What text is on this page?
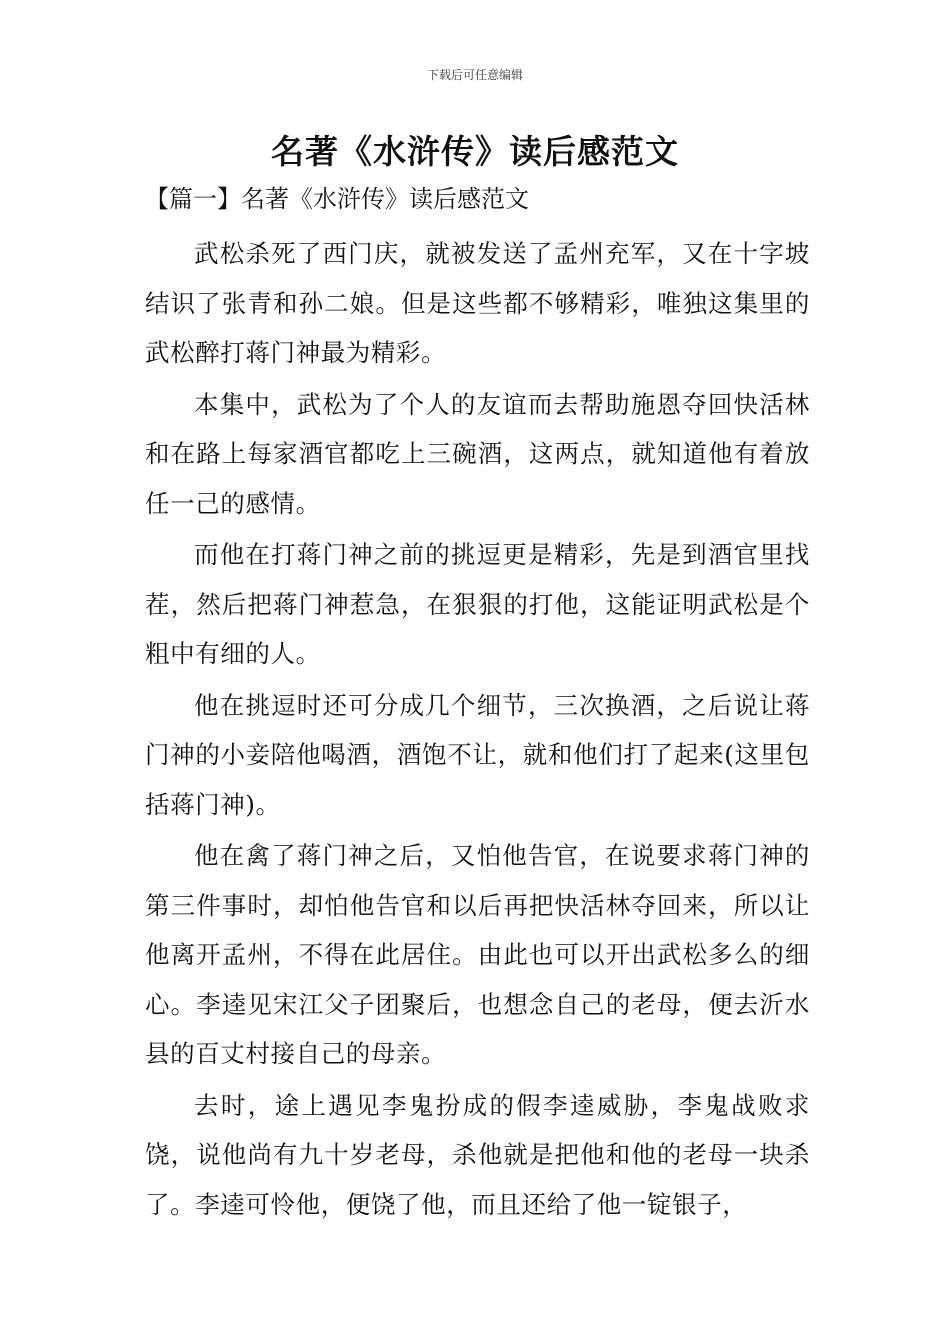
下载后可任意编辑
名著《水浒传》读后感范文
【篇一】名著《水浒传》读后感范文

武松杀死了西门庆，就被发送了孟州充军，又在十字坡结识了张青和孙二娘。但是这些都不够精彩，唯独这集里的武松醉打蒋门神最为精彩。

本集中，武松为了个人的友谊而去帮助施恩夺回快活林和在路上每家酒官都吃上三碗酒，这两点，就知道他有着放任一己的感情。

而他在打蒋门神之前的挑逗更是精彩，先是到酒官里找茬，然后把蒋门神惹急，在狠狠的打他，这能证明武松是个粗中有细的人。

他在挑逗时还可分成几个细节，三次换酒，之后说让蒋门神的小妾陪他喝酒，酒饱不让，就和他们打了起来(这里包括蒋门神)。

他在禽了蒋门神之后，又怕他告官，在说要求蒋门神的第三件事时，却怕他告官和以后再把快活林夺回来，所以让他离开孟州，不得在此居住。由此也可以开出武松多么的细心。李逵见宋江父子团聚后，也想念自己的老母，便去沂水县的百丈村接自己的母亲。

去时，途上遇见李鬼扮成的假李逵威胁，李鬼战败求饶，说他尚有九十岁老母，杀他就是把他和他的老母一块杀了。李逵可怜他，便饶了他，而且还给了他一锭银子，
